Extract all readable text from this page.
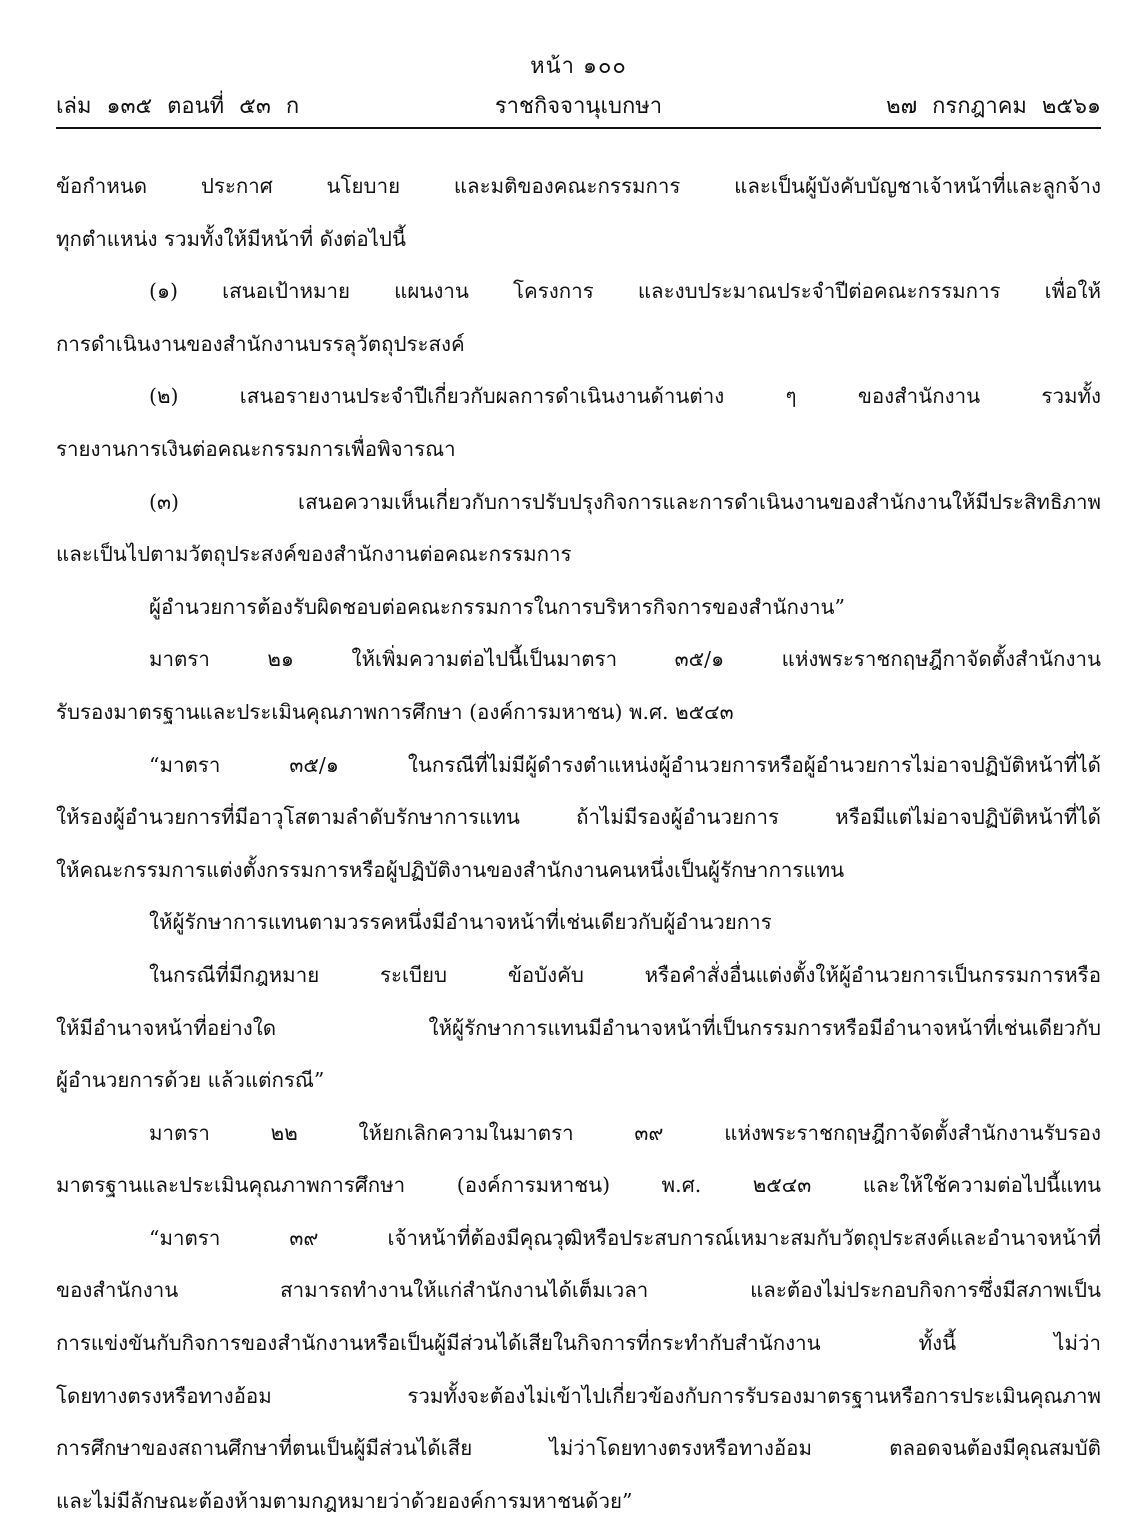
หน้า ๑๐๐
เล่ม ๑๓๕ ตอนที่ ๕๓ ก	ราชกิจจานุเบกษา	๒๗ กรกฎาคม ๒๕๖๑
ข้อกำหนด ประกาศ นโยบาย และมติของคณะกรรมการ และเป็นผู้บังคับบัญชาเจ้าหน้าที่และลูกจ้าง
ทุกตำแหน่ง รวมทั้งให้มีหน้าที่ ดังต่อไปนี้
(๑) เสนอเป้าหมาย แผนงาน โครงการ และงบประมาณประจำปีต่อคณะกรรมการ เพื่อให้
การดำเนินงานของสำนักงานบรรลุวัตถุประสงค์
(๒) เสนอรายงานประจำปีเกี่ยวกับผลการดำเนินงานด้านต่าง ๆ ของสำนักงาน รวมทั้ง
รายงานการเงินต่อคณะกรรมการเพื่อพิจารณา
(๓) เสนอความเห็นเกี่ยวกับการปรับปรุงกิจการและการดำเนินงานของสำนักงานให้มีประสิทธิภาพ
และเป็นไปตามวัตถุประสงค์ของสำนักงานต่อคณะกรรมการ
ผู้อำนวยการต้องรับผิดชอบต่อคณะกรรมการในการบริหารกิจการของสำนักงาน”
มาตรา ๒๑ ให้เพิ่มความต่อไปนี้เป็นมาตรา ๓๕/๑ แห่งพระราชกฤษฎีกาจัดตั้งสำนักงาน
รับรองมาตรฐานและประเมินคุณภาพการศึกษา (องค์การมหาชน) พ.ศ. ๒๕๔๓
“มาตรา ๓๕/๑ ในกรณีที่ไม่มีผู้ดำรงตำแหน่งผู้อำนวยการหรือผู้อำนวยการไม่อาจปฏิบัติหน้าที่ได้
ให้รองผู้อำนวยการที่มีอาวุโสตามลำดับรักษาการแทน ถ้าไม่มีรองผู้อำนวยการ หรือมีแต่ไม่อาจปฏิบัติหน้าที่ได้
ให้คณะกรรมการแต่งตั้งกรรมการหรือผู้ปฏิบัติงานของสำนักงานคนหนึ่งเป็นผู้รักษาการแทน
ให้ผู้รักษาการแทนตามวรรคหนึ่งมีอำนาจหน้าที่เช่นเดียวกับผู้อำนวยการ
ในกรณีที่มีกฎหมาย ระเบียบ ข้อบังคับ หรือคำสั่งอื่นแต่งตั้งให้ผู้อำนวยการเป็นกรรมการหรือ
ให้มีอำนาจหน้าที่อย่างใด ให้ผู้รักษาการแทนมีอำนาจหน้าที่เป็นกรรมการหรือมีอำนาจหน้าที่เช่นเดียวกับ
ผู้อำนวยการด้วย แล้วแต่กรณี”
มาตรา ๒๒ ให้ยกเลิกความในมาตรา ๓๙ แห่งพระราชกฤษฎีกาจัดตั้งสำนักงานรับรอง
มาตรฐานและประเมินคุณภาพการศึกษา (องค์การมหาชน) พ.ศ. ๒๕๔๓ และให้ใช้ความต่อไปนี้แทน
“มาตรา ๓๙ เจ้าหน้าที่ต้องมีคุณวุฒิหรือประสบการณ์เหมาะสมกับวัตถุประสงค์และอำนาจหน้าที่
ของสำนักงาน สามารถทำงานให้แก่สำนักงานได้เต็มเวลา และต้องไม่ประกอบกิจการซึ่งมีสภาพเป็น
การแข่งขันกับกิจการของสำนักงานหรือเป็นผู้มีส่วนได้เสียในกิจการที่กระทำกับสำนักงาน ทั้งนี้ ไม่ว่า
โดยทางตรงหรือทางอ้อม รวมทั้งจะต้องไม่เข้าไปเกี่ยวข้องกับการรับรองมาตรฐานหรือการประเมินคุณภาพ
การศึกษาของสถานศึกษาที่ตนเป็นผู้มีส่วนได้เสีย ไม่ว่าโดยทางตรงหรือทางอ้อม ตลอดจนต้องมีคุณสมบัติ
และไม่มีลักษณะต้องห้ามตามกฎหมายว่าด้วยองค์การมหาชนด้วย”
